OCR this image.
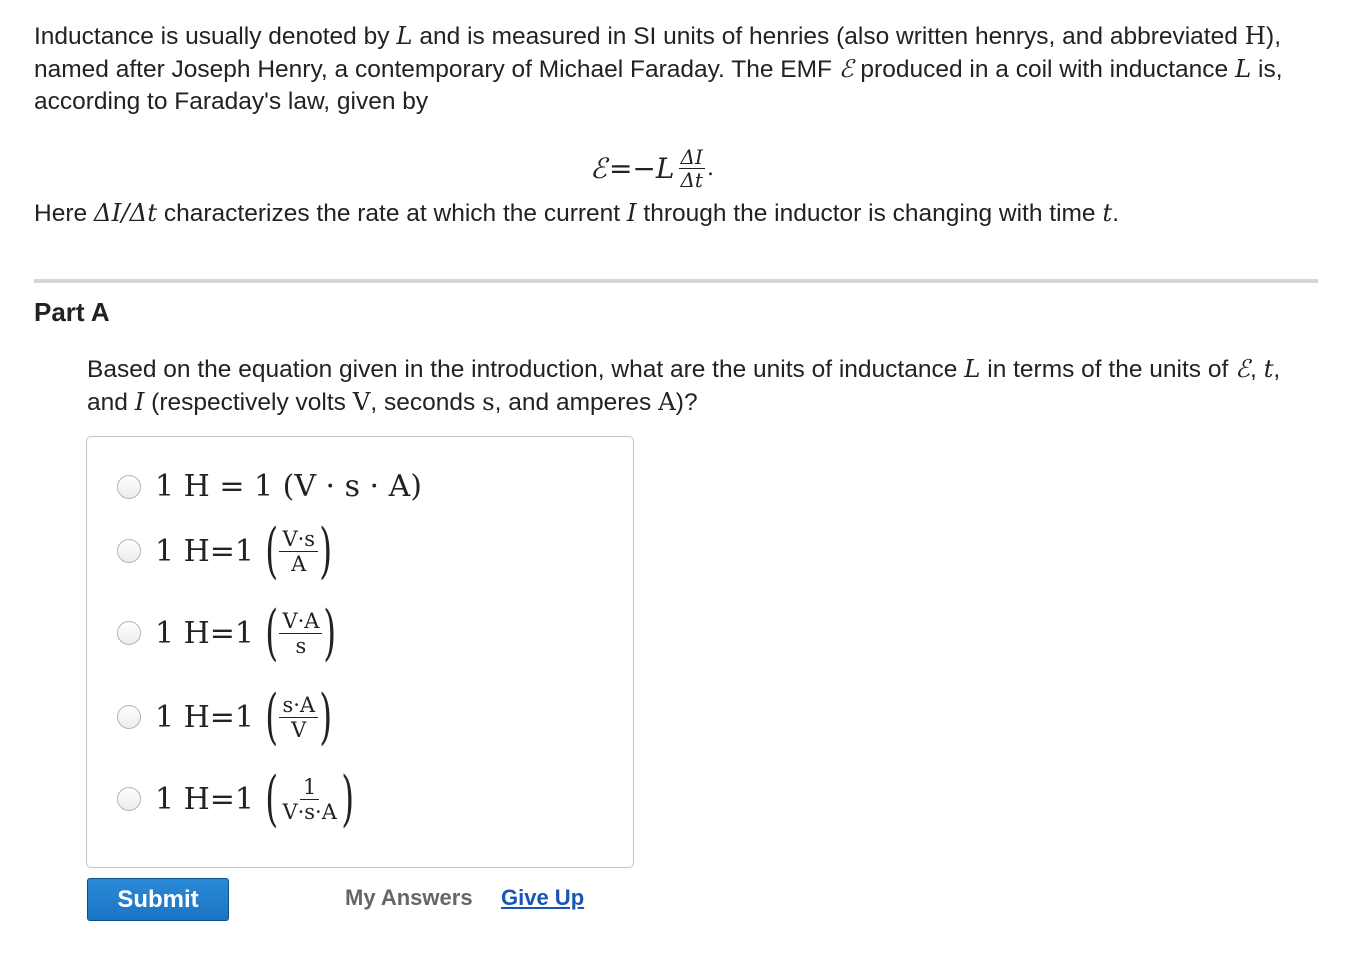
Inductance is usually denoted by L and is measured in SI units of henries (also written henrys, and abbreviated H), named after Joseph Henry, a contemporary of Michael Faraday. The EMF ℰ produced in a coil with inductance L is, according to Faraday's law, given by
ℰ $=-L \frac{\Delta I}{\Delta t}$ .
Here ΔI/Δt characterizes the rate at which the current I through the inductor is changing with time t.
Part A
Based on the equation given in the introduction, what are the units of inductance L in terms of the units of ℰ, t, and I (respectively volts V, seconds s, and amperes A)?
1 H = 1 (V · s · A)
1 H=1 ( $\frac{V\cdot s}{A}$ )
1 H=1 ( $\frac{V\cdot A}{s}$ )
1 H=1 ( $\frac{s\cdot A}{V}$ )
1 H=1 ( $\frac{1}{V\cdot s\cdot A}$ )
Submit	My Answers Give Up
